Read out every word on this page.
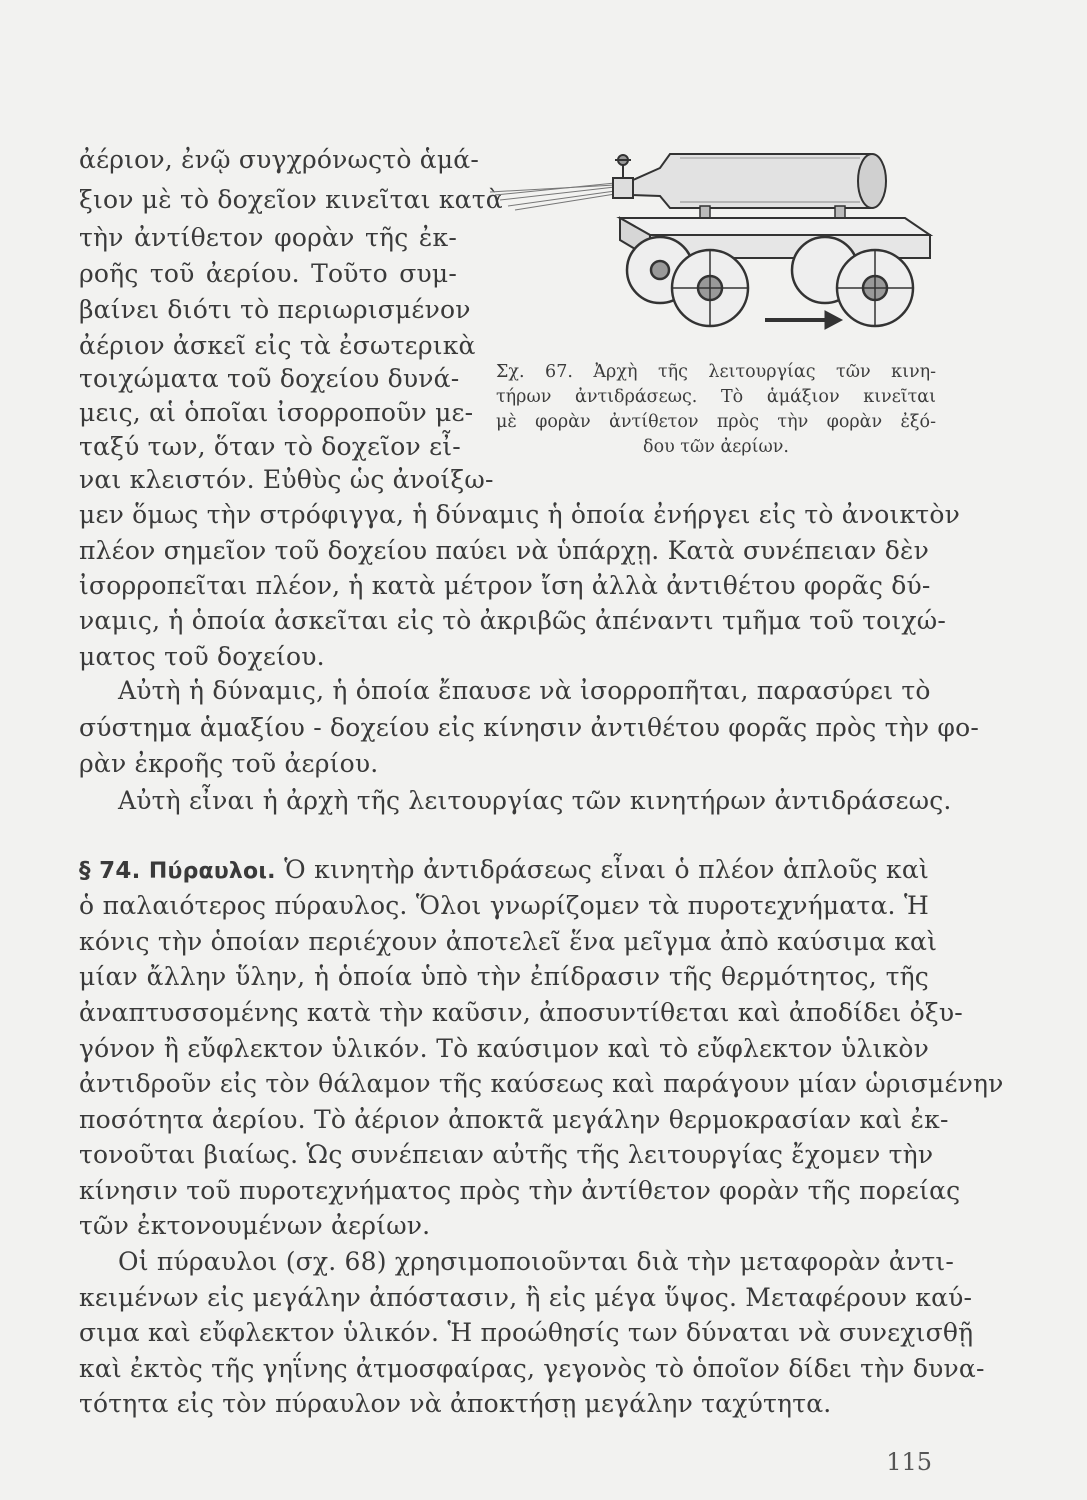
ἀέριον, ἐνῷ συγχρόνωςτὸ ἁμά-
ξιον μὲ τὸ δοχεῖον κινεῖται κατὰ
τὴν ἀντίθετον φορὰν τῆς ἐκ-
ροῆς τοῦ ἀερίου. Τοῦτο συμ-
βαίνει διότι τὸ περιωρισμένον
ἀέριον ἀσκεῖ εἰς τὰ ἐσωτερικὰ
τοιχώματα τοῦ δοχείου δυνά-
μεις, αἱ ὁποῖαι ἰσορροποῦν με-
ταξύ των, ὅταν τὸ δοχεῖον εἶ-
ναι κλειστόν. Εὐθὺς ὡς ἀνοίξω-
Σχ. 67. Ἀρχὴ τῆς λειτουργίας τῶν κινη-
τήρων ἀντιδράσεως. Τὸ ἁμάξιον κινεῖται
μὲ φορὰν ἀντίθετον πρὸς τὴν φορὰν ἐξό-
δου τῶν ἀερίων.
μεν ὅμως τὴν στρόφιγγα, ἡ δύναμις ἡ ὁποία ἐνήργει εἰς τὸ ἀνοικτὸν
πλέον σημεῖον τοῦ δοχείου παύει νὰ ὑπάρχῃ. Κατὰ συνέπειαν δὲν
ἰσορροπεῖται πλέον, ἡ κατὰ μέτρον ἴση ἀλλὰ ἀντιθέτου φορᾶς δύ-
ναμις, ἡ ὁποία ἀσκεῖται εἰς τὸ ἀκριβῶς ἀπέναντι τμῆμα τοῦ τοιχώ-
ματος τοῦ δοχείου.
Αὐτὴ ἡ δύναμις, ἡ ὁποία ἔπαυσε νὰ ἰσορροπῆται, παρασύρει τὸ
σύστημα ἁμαξίου - δοχείου εἰς κίνησιν ἀντιθέτου φορᾶς πρὸς τὴν φο-
ρὰν ἐκροῆς τοῦ ἀερίου.
Αὐτὴ εἶναι ἡ ἀρχὴ τῆς λειτουργίας τῶν κινητήρων ἀντιδράσεως.
§ 74. Πύραυλοι. Ὁ κινητὴρ ἀντιδράσεως εἶναι ὁ πλέον ἁπλοῦς καὶ
ὁ παλαιότερος πύραυλος. Ὅλοι γνωρίζομεν τὰ πυροτεχνήματα. Ἡ
κόνις τὴν ὁποίαν περιέχουν ἀποτελεῖ ἕνα μεῖγμα ἀπὸ καύσιμα καὶ
μίαν ἄλλην ὕλην, ἡ ὁποία ὑπὸ τὴν ἐπίδρασιν τῆς θερμότητος, τῆς
ἀναπτυσσομένης κατὰ τὴν καῦσιν, ἀποσυντίθεται καὶ ἀποδίδει ὀξυ-
γόνον ἢ εὔφλεκτον ὑλικόν. Τὸ καύσιμον καὶ τὸ εὔφλεκτον ὑλικὸν
ἀντιδροῦν εἰς τὸν θάλαμον τῆς καύσεως καὶ παράγουν μίαν ὡρισμένην
ποσότητα ἀερίου. Τὸ ἀέριον ἀποκτᾶ μεγάλην θερμοκρασίαν καὶ ἐκ-
τονοῦται βιαίως. Ὡς συνέπειαν αὐτῆς τῆς λειτουργίας ἔχομεν τὴν
κίνησιν τοῦ πυροτεχνήματος πρὸς τὴν ἀντίθετον φορὰν τῆς πορείας
τῶν ἐκτονουμένων ἀερίων.
Οἱ πύραυλοι (σχ. 68) χρησιμοποιοῦνται διὰ τὴν μεταφορὰν ἀντι-
κειμένων εἰς μεγάλην ἀπόστασιν, ἢ εἰς μέγα ὕψος. Μεταφέρουν καύ-
σιμα καὶ εὔφλεκτον ὑλικόν. Ἡ προώθησίς των δύναται νὰ συνεχισθῇ
καὶ ἐκτὸς τῆς γηΐνης ἀτμοσφαίρας, γεγονὸς τὸ ὁποῖον δίδει τὴν δυνα-
τότητα εἰς τὸν πύραυλον νὰ ἀποκτήσῃ μεγάλην ταχύτητα.
115
